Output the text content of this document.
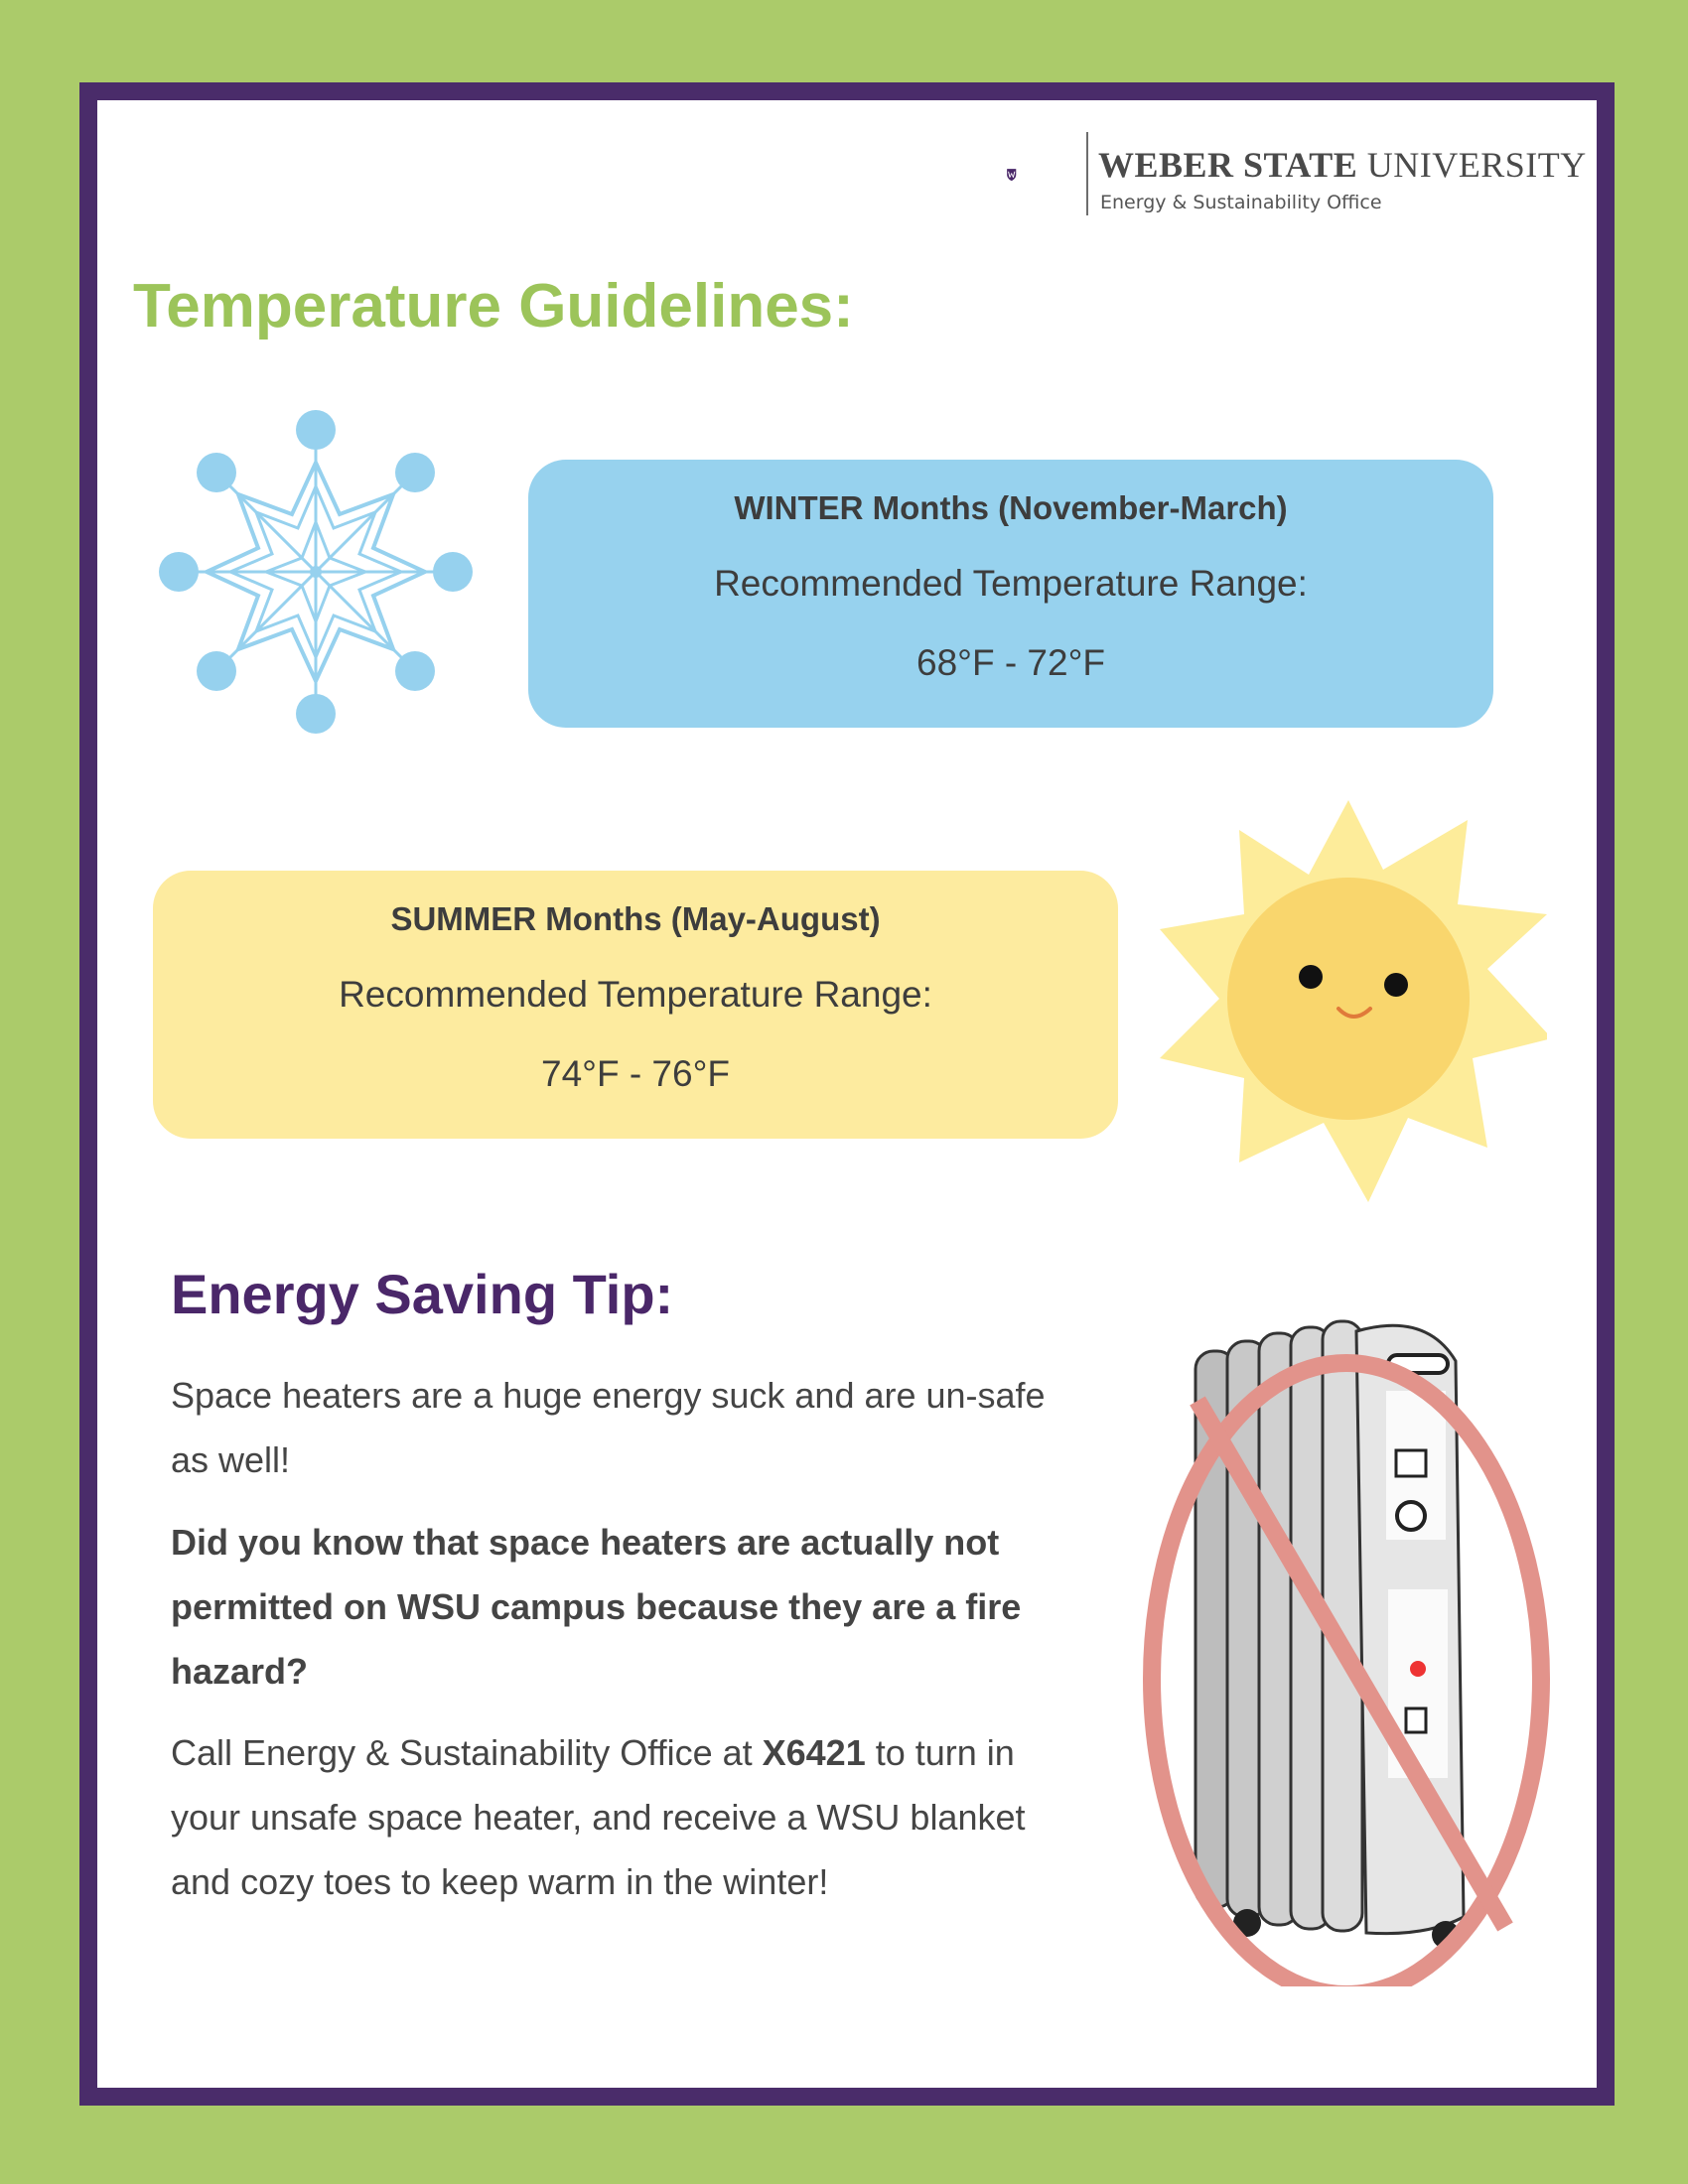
WEBER STATE UNIVERSITY
Energy & Sustainability Office
Temperature Guidelines:
WINTER Months (November-March)
Recommended Temperature Range:
68°F - 72°F
SUMMER Months (May-August)
Recommended Temperature Range:
74°F - 76°F
Energy Saving Tip:

Space heaters are a huge energy suck and are un-safe as well!

Did you know that space heaters are actually not permitted on WSU campus because they are a fire hazard?

Call Energy & Sustainability Office at X6421 to turn in your unsafe space heater, and receive a WSU blanket and cozy toes to keep warm in the winter!
